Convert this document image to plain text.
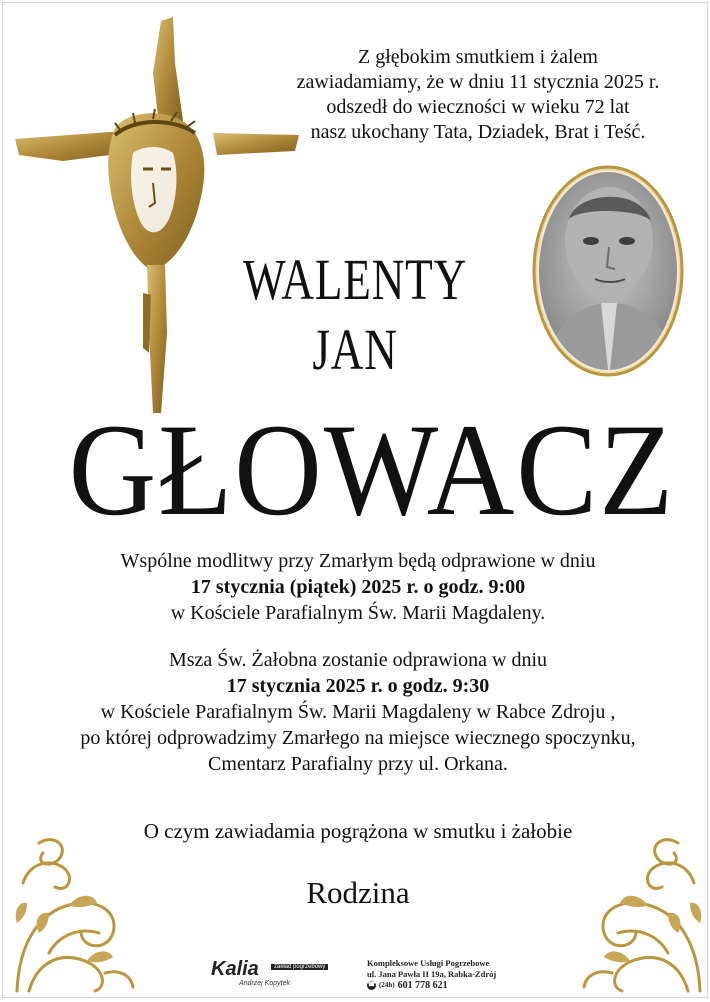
Z głębokim smutkiem i żalem
zawiadamiamy, że w dniu 11 stycznia 2025 r.
odszedł do wieczności w wieku 72 lat
nasz ukochany Tata, Dziadek, Brat i Teść.
WALENTY JAN
GŁOWACZ
Wspólne modlitwy przy Zmarłym będą odprawione w dniu
17 stycznia (piątek) 2025 r. o godz. 9:00
w Kościele Parafialnym Św. Marii Magdaleny.
Msza Św. Żałobna zostanie odprawiona w dniu
17 stycznia 2025 r. o godz. 9:30
w Kościele Parafialnym Św. Marii Magdaleny w Rabce Zdroju ,
po której odprowadzimy Zmarłego na miejsce wiecznego spoczynku,
Cmentarz Parafialny przy ul. Orkana.
O czym zawiadamia pogrążona w smutku i żałobie
Rodzina
Kalia	zakład pogrzebowy
Andrzej Kopytek
Kompleksowe Usługi Pogrzebowe
ul. Jana Pawła II 19a, Rabka-Zdrój
☎ (24h) 601 778 621
